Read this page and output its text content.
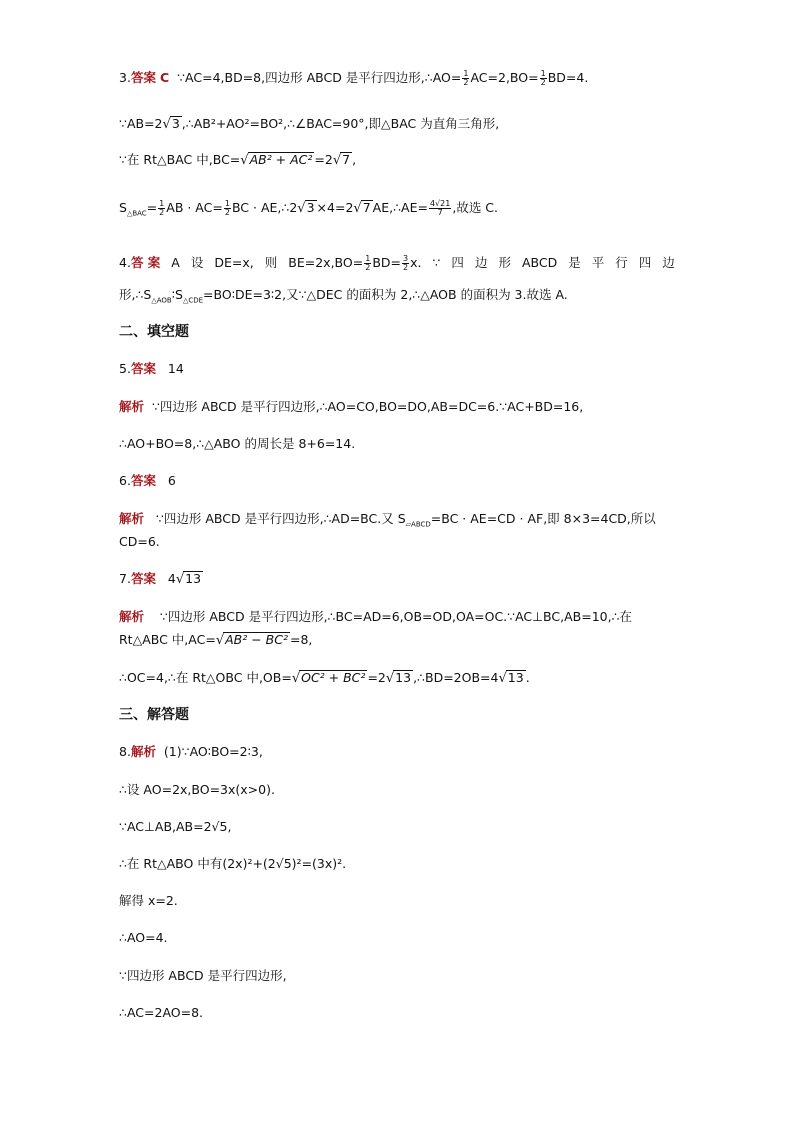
3.答案 C ∵AC=4,BD=8,四边形 ABCD 是平行四边形,∴AO= $\frac{1}{2} AC=2,BO= \frac{1}{2} BD=4$.
∵AB=2√3 ,∴AB²+AO²=BO²,∴∠BAC=90°,即△BAC 为直角三角形,
∵在 Rt△BAC 中,BC=√AB² + AC² =2√7 ,
$S_{\triangle BAC}= \frac{1}{2}$ AB · $AC= \frac{1}{2}$ BC · AE,∴2√3 ×4=2√7 AE,∴AE= $\frac{4√21}{7}$ ,故选 C.
4.答 案 A 设 DE=x, 则 $BE=2x,BO= \frac{1}{2} BD= \frac{3}{2} x$. ∵ 四 边 形 ABCD 是 平 行 四 边
形$,\therefore S_{\triangle AOB}∶S_{\triangle CDE}=BO∶DE=3∶2$,又∵△DEC 的面积为 2,∴△AOB 的面积为 3.故选 A.
二、填空题
5.答案 14
解析 ∵四边形 ABCD 是平行四边形,∴AO=CO,BO=DO,AB=DC=6.∵AC+BD=16,
∴AO+BO=8,∴△ABO 的周长是 8+6=14.
6.答案 6
解析 ∵四边形 ABCD 是平行四边形,∴AD=BC.又 $S_{▱ABCD}=BC \cdot AE=CD$ · AF,即 8×3=4CD,所以
CD=6.
7.答案 4√13
解析 ∵四边形 ABCD 是平行四边形,∴BC=AD=6,OB=OD,OA=OC.∵AC⊥BC,AB=10,∴在
Rt△ABC 中,AC=√AB² − BC² =8,
∴OC=4,∴在 Rt△OBC 中,OB=√OC² + BC² =2√13 ,∴BD=2OB=4√13 .
三、解答题
8.解析 (1)∵AO∶BO=2∶3,
∴设 AO=2x,BO=3x(x>0).
∵AC⊥AB,AB=2√5,
∴在 Rt△ABO 中有(2x)²+(2√5)²=(3x)².
解得 x=2.
∴AO=4.
∵四边形 ABCD 是平行四边形,
∴AC=2AO=8.
